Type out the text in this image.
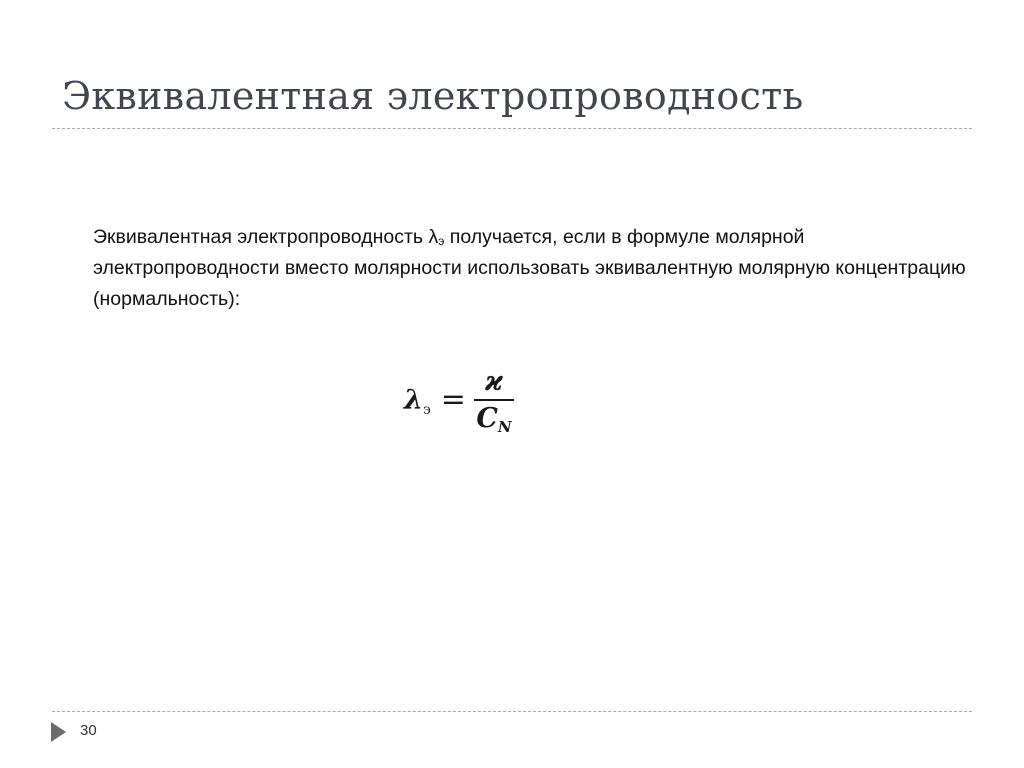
Эквивалентная электропроводность

Эквивалентная электропроводность $\lambda_э$ получается, если в формуле молярной электропроводности вместо молярности использовать эквивалентную молярную концентрацию (нормальность):

$\lambda_э = \frac{ϰ}{C_N}$
30
